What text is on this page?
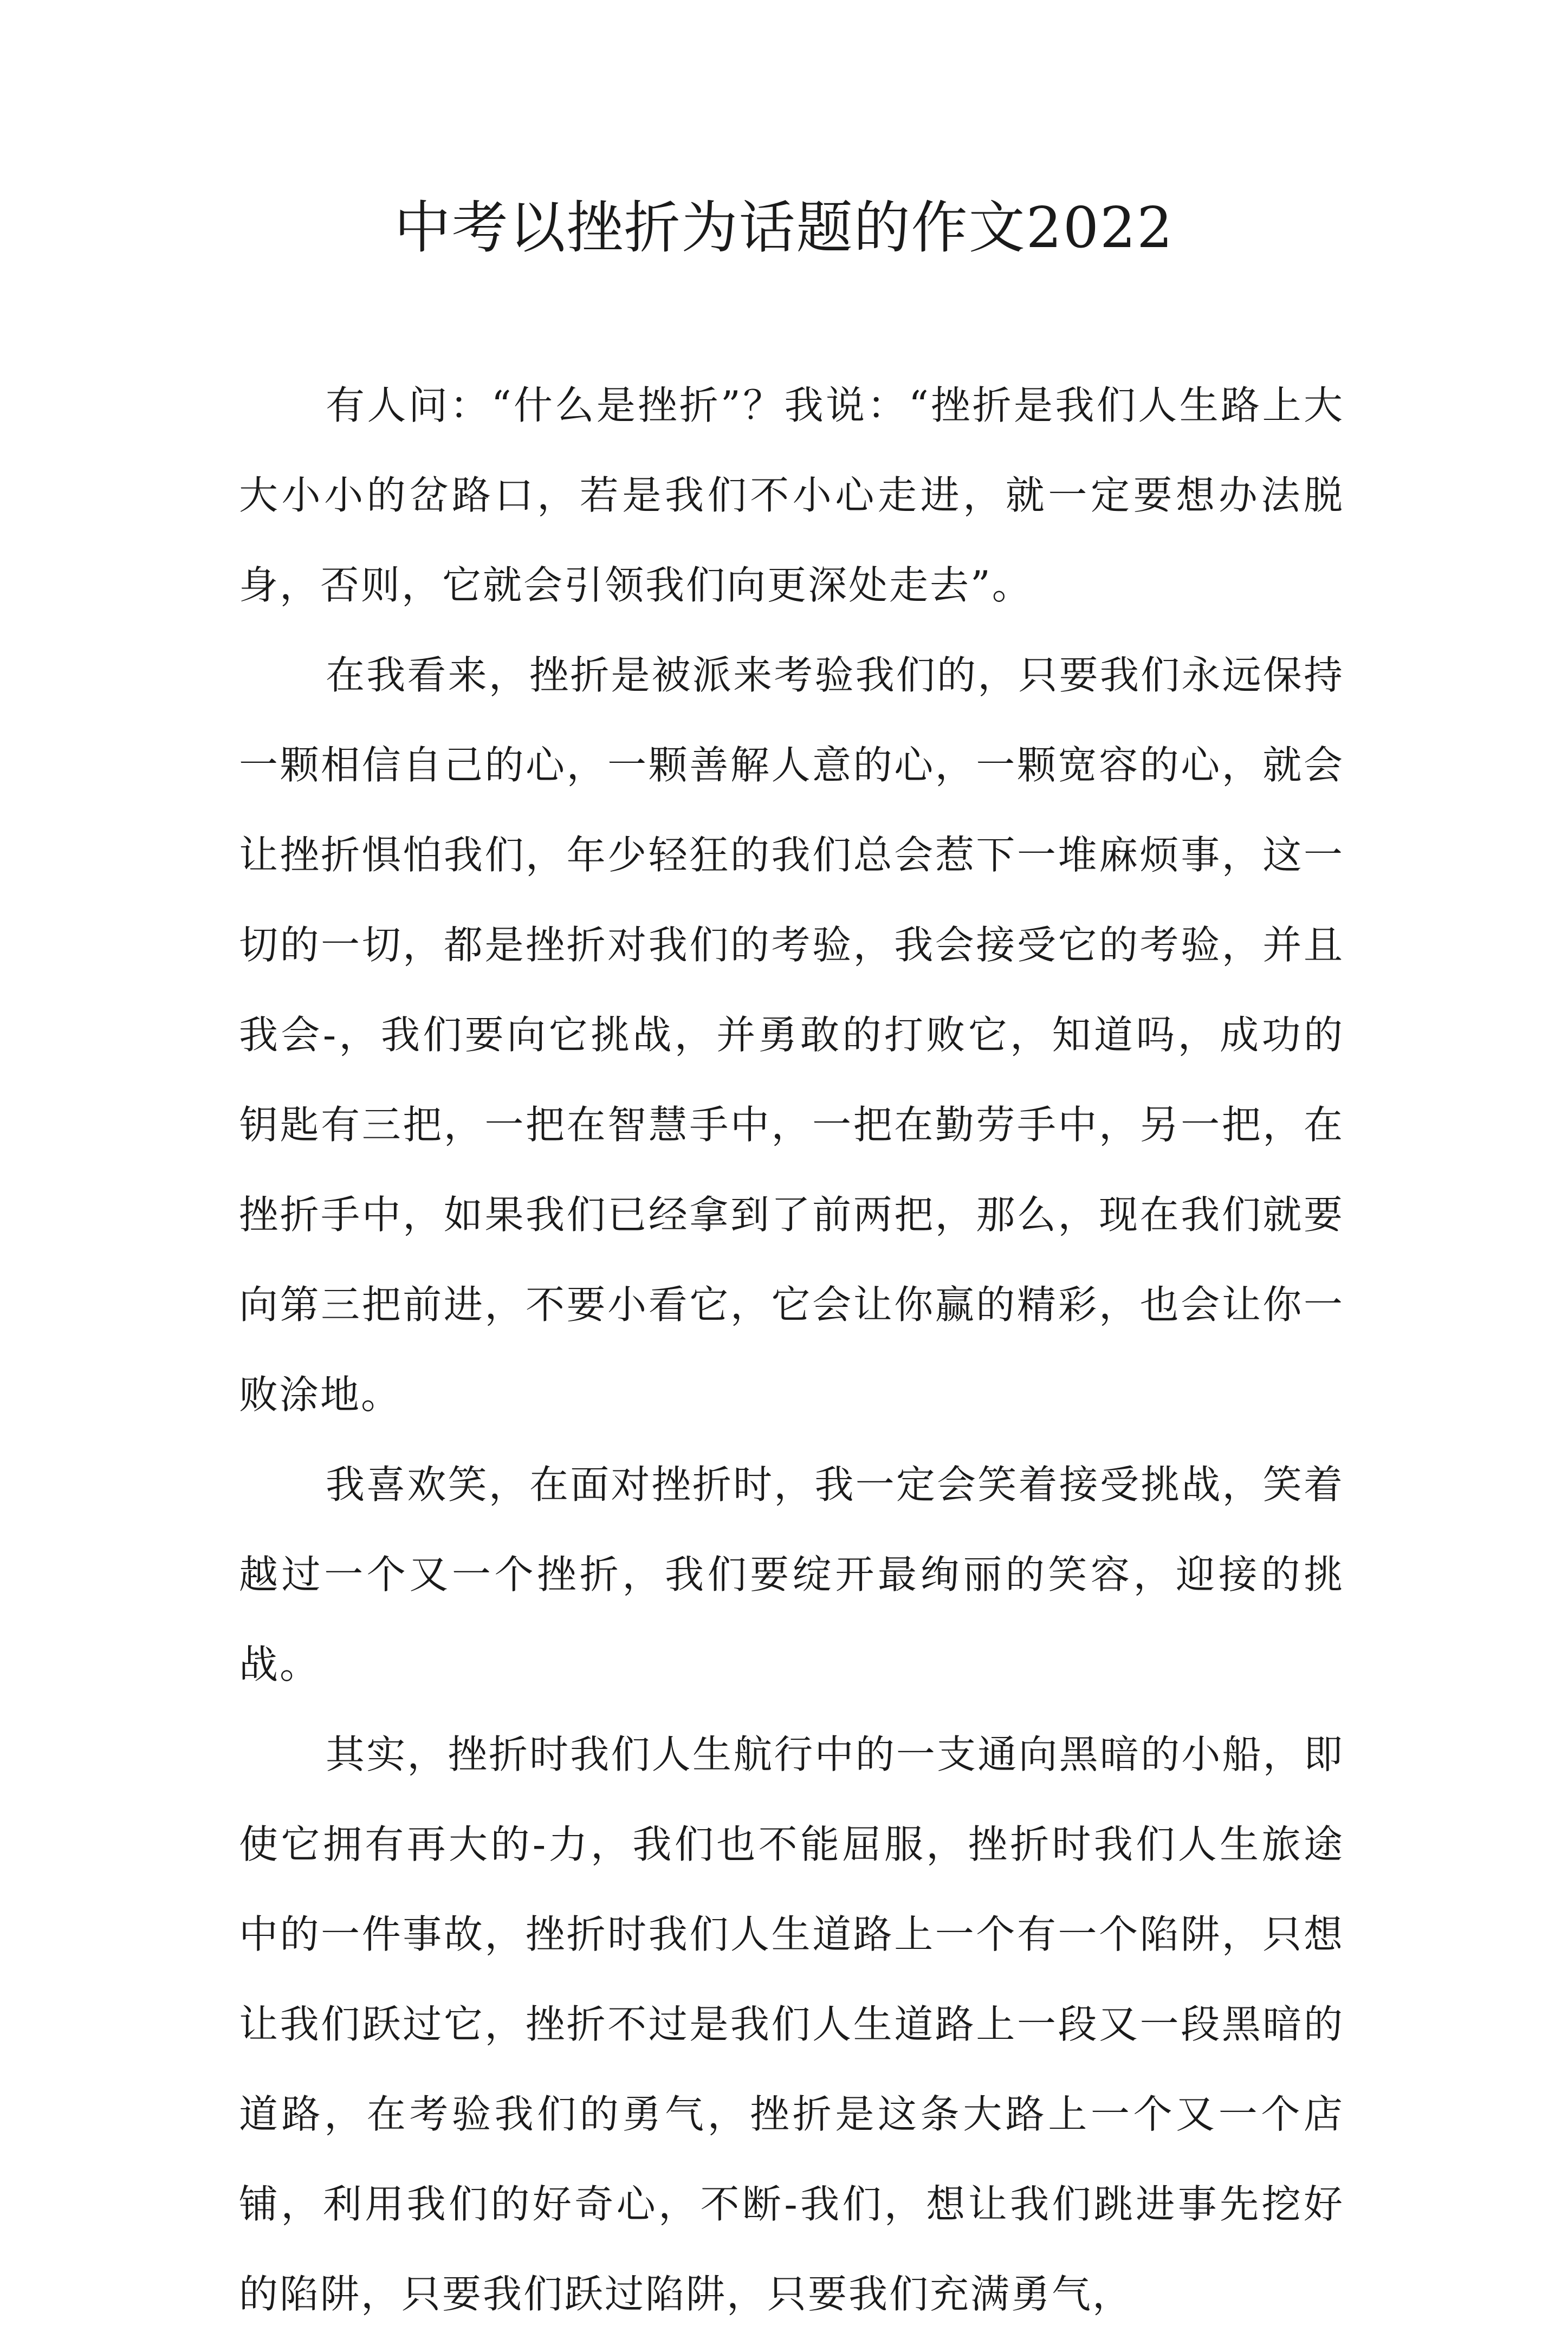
中考以挫折为话题的作文2022

有人问：“什么是挫折”？我说：“挫折是我们人生路上大大小小的岔路口，若是我们不小心走进，就一定要想办法脱身，否则，它就会引领我们向更深处走去”。

在我看来，挫折是被派来考验我们的，只要我们永远保持一颗相信自己的心，一颗善解人意的心，一颗宽容的心，就会让挫折惧怕我们，年少轻狂的我们总会惹下一堆麻烦事，这一切的一切，都是挫折对我们的考验，我会接受它的考验，并且我会-，我们要向它挑战，并勇敢的打败它，知道吗，成功的钥匙有三把，一把在智慧手中，一把在勤劳手中，另一把，在挫折手中，如果我们已经拿到了前两把，那么，现在我们就要向第三把前进，不要小看它，它会让你赢的精彩，也会让你一败涂地。

我喜欢笑，在面对挫折时，我一定会笑着接受挑战，笑着越过一个又一个挫折，我们要绽开最绚丽的笑容，迎接的挑战。

其实，挫折时我们人生航行中的一支通向黑暗的小船，即使它拥有再大的-力，我们也不能屈服，挫折时我们人生旅途中的一件事故，挫折时我们人生道路上一个有一个陷阱，只想让我们跃过它，挫折不过是我们人生道路上一段又一段黑暗的道路，在考验我们的勇气，挫折是这条大路上一个又一个店铺，利用我们的好奇心，不断-我们，想让我们跳进事先挖好的陷阱，只要我们跃过陷阱，只要我们充满勇气，
